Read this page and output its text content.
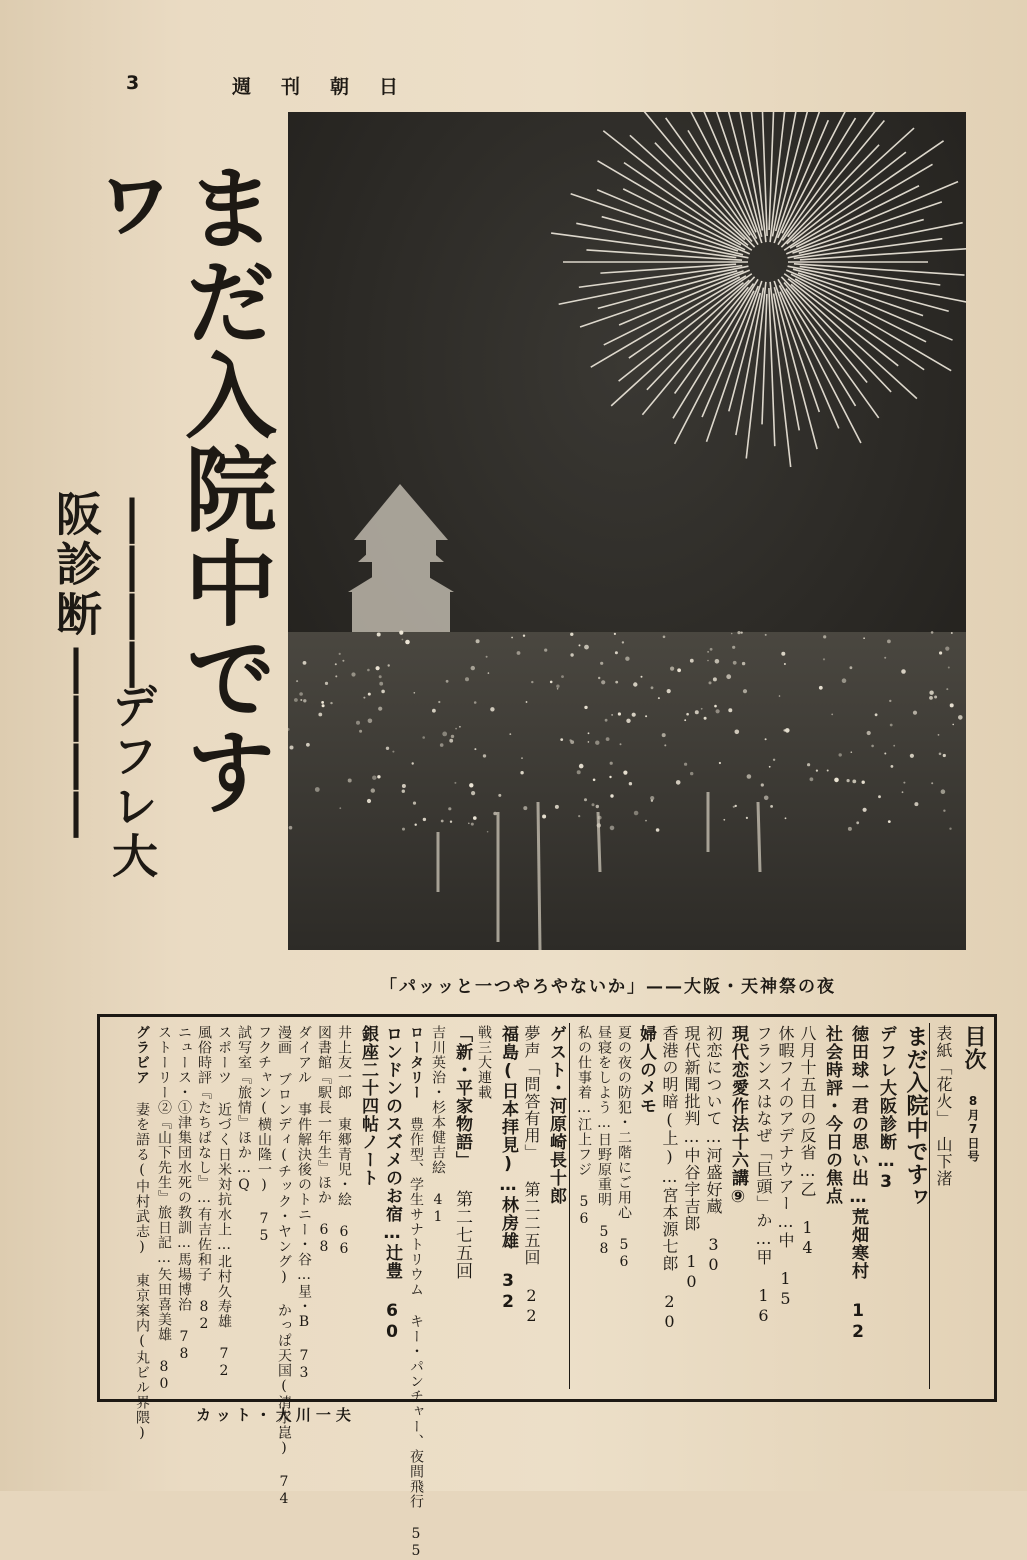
3	週刊朝日
まだ入院中ですヮ
||||デフレ大阪診断||||
「パッッと一つやろやないか」——大阪・天神祭の夜
目次　8月7日号
表紙「花火」　山下渚
まだ入院中ですヮ
デフレ大阪診断…3
徳田球一君の思い出…荒畑寒村 12
社会時評・今日の焦点
八月十五日の反省…乙 14
休暇フイのアデナウアー…中 15
フランスはなぜ「巨頭」か…甲 16
現代恋愛作法十六講⑨
初恋について…河盛好蔵 30
現代新聞批判…中谷宇吉郎 10
香港の明暗(上)…宮本源七郎 20
婦人のメモ
夏の夜の防犯・二階にご用心 56
昼寝をしよう…日野原重明 58
私の仕事着…江上フジ 56
ゲスト・河原崎長十郎
夢声「問答有用」 第二二五回 22
福島(日本拝見)…林房雄 32
戦三大連載
「新・平家物語」 第二七五回
吉川英治・杉本健吉絵 41
ロータリー 豊作型、学生サナトリウム キー・パンチャー、夜間飛行 55
ロンドンのスズメのお宿…辻豊 60
銀座二十四帖ノート
井上友一郎 東郷青児・絵 66
図書館『駅長一年生』ほか 68
ダイアル 事件解決後のトニー・谷…星・B 73
漫画 ブロンディ(チック・ヤング) かっぱ天国(清水崑) 74
フクチャン(横山隆一) 75
試写室『旅情』ほか…Q
スポーツ 近づく日米対抗水上…北村久寿雄 72
風俗時評『たちばなし』…有吉佐和子 82
ニュース・①津集団水死の教訓…馬場博治 78
ストーリー②『山下先生』旅日記…矢田喜美雄 80
グラビア 妻を語る(中村武志) 東京案内(丸ビル界隈)	カット・大川一夫
